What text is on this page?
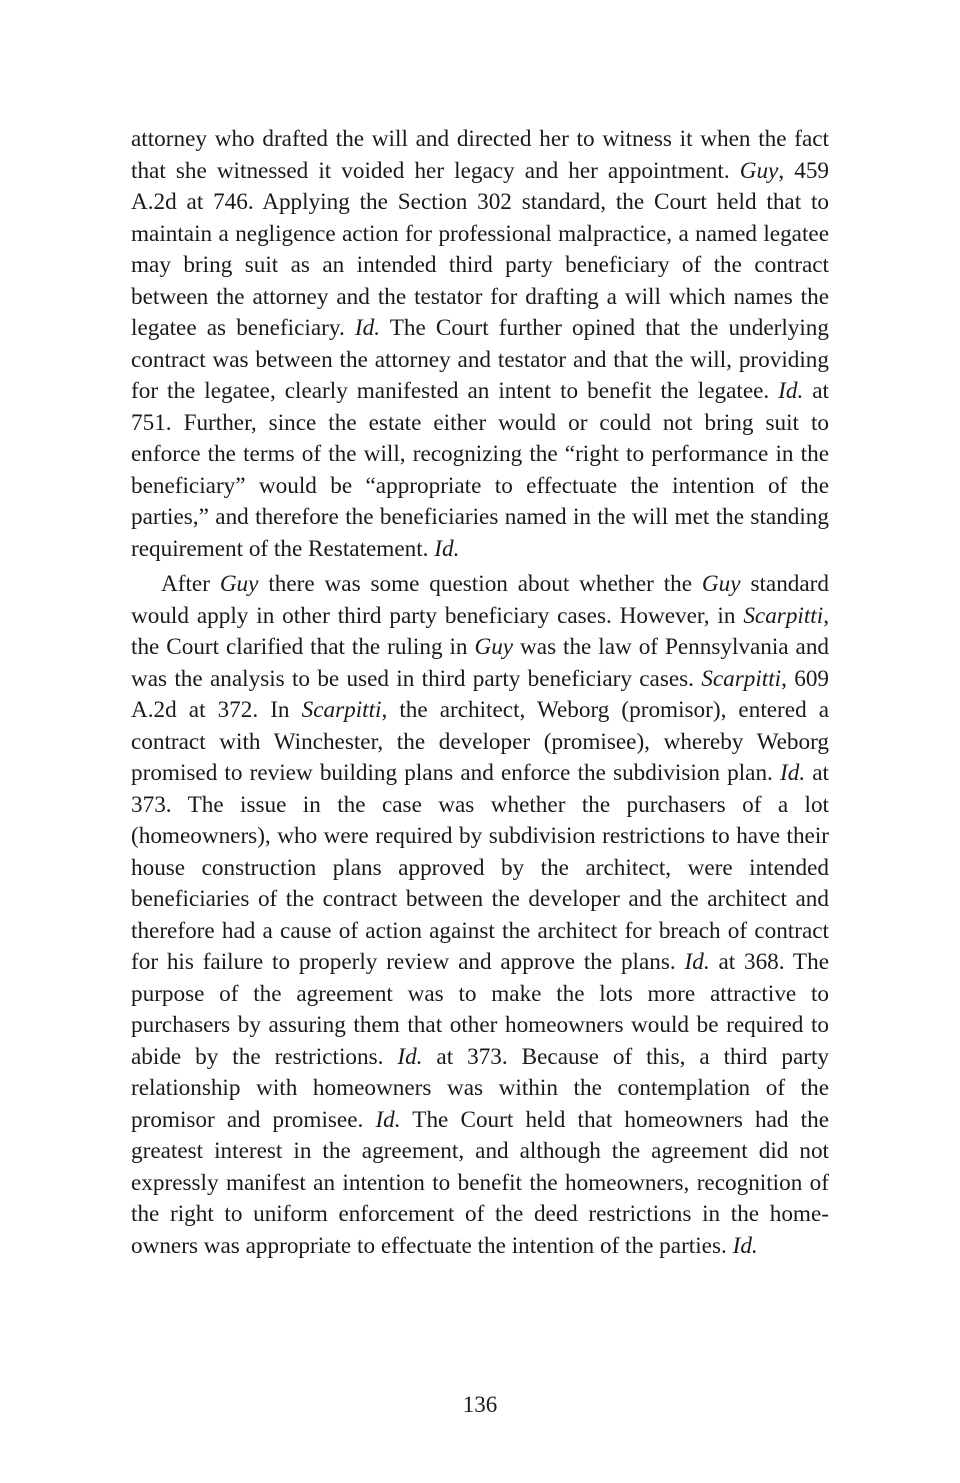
attorney who drafted the will and directed her to witness it when the fact that she witnessed it voided her legacy and her appointment. Guy, 459 A.2d at 746. Applying the Section 302 standard, the Court held that to maintain a negligence action for professional malpractice, a named legatee may bring suit as an intended third party beneficiary of the contract between the attorney and the testator for drafting a will which names the legatee as beneficiary. Id. The Court further opined that the underlying contract was between the attorney and testator and that the will, providing for the legatee, clearly manifested an intent to benefit the legatee. Id. at 751. Further, since the estate either would or could not bring suit to enforce the terms of the will, recognizing the “right to performance in the beneficiary” would be “appropriate to effectuate the intention of the parties,” and therefore the beneficiaries named in the will met the standing requirement of the Restatement. Id.

After Guy there was some question about whether the Guy standard would apply in other third party beneficiary cases. However, in Scarpitti, the Court clarified that the ruling in Guy was the law of Pennsylvania and was the analysis to be used in third party beneficiary cases. Scarpitti, 609 A.2d at 372. In Scarpitti, the architect, Weborg (promisor), entered a contract with Winchester, the developer (promisee), whereby Weborg promised to review building plans and enforce the subdivision plan. Id. at 373. The issue in the case was whether the purchasers of a lot (homeowners), who were required by subdivision restrictions to have their house construction plans approved by the architect, were intended beneficiaries of the contract between the developer and the architect and therefore had a cause of action against the architect for breach of contract for his failure to properly review and approve the plans. Id. at 368. The purpose of the agreement was to make the lots more attractive to purchasers by assuring them that other homeowners would be required to abide by the restrictions. Id. at 373. Because of this, a third party relationship with homeowners was within the contemplation of the promisor and promisee. Id. The Court held that homeowners had the greatest interest in the agreement, and although the agreement did not expressly manifest an intention to benefit the homeowners, recognition of the right to uniform enforcement of the deed restrictions in the homeowners was appropriate to effectuate the intention of the parties. Id.

136
